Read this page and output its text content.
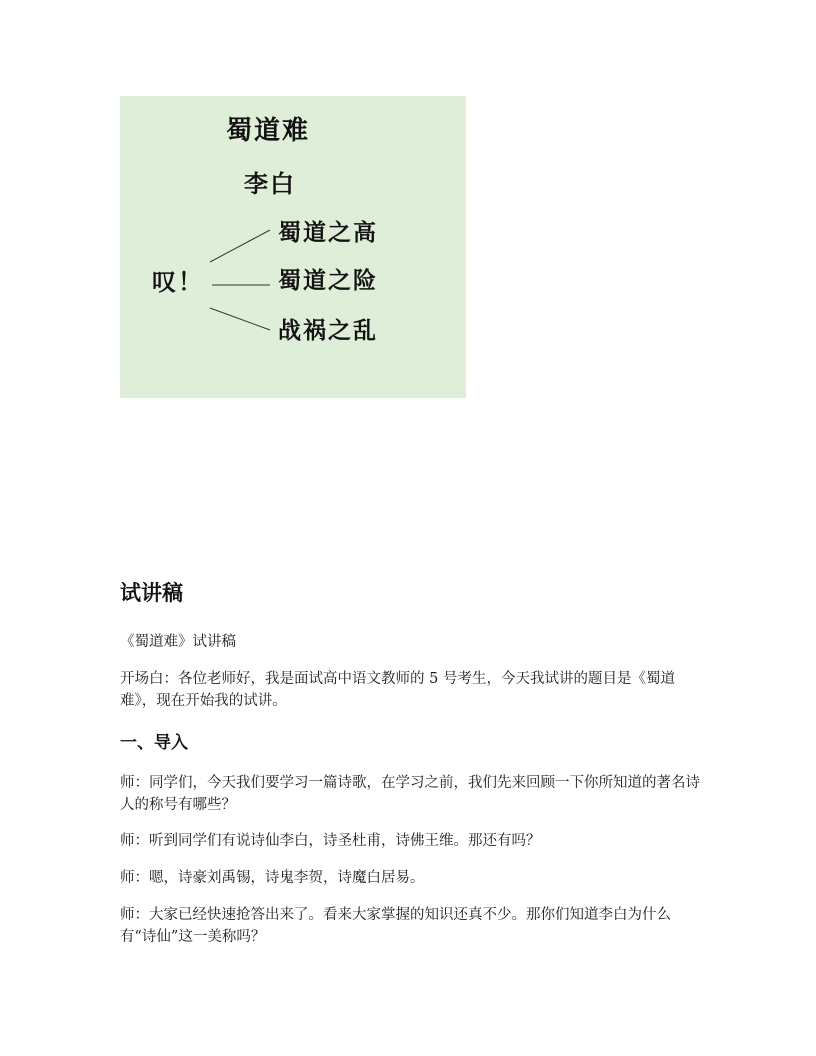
蜀道难
李白
叹！
蜀道之高
蜀道之险
战祸之乱
试讲稿
《蜀道难》试讲稿
开场白：各位老师好，我是面试高中语文教师的 5 号考生，今天我试讲的题目是《蜀道难》，现在开始我的试讲。
一、导入
师：同学们，今天我们要学习一篇诗歌，在学习之前，我们先来回顾一下你所知道的著名诗人的称号有哪些？
师：听到同学们有说诗仙李白，诗圣杜甫，诗佛王维。那还有吗？
师：嗯，诗豪刘禹锡，诗鬼李贺，诗魔白居易。
师：大家已经快速抢答出来了。看来大家掌握的知识还真不少。那你们知道李白为什么有“诗仙”这一美称吗？
